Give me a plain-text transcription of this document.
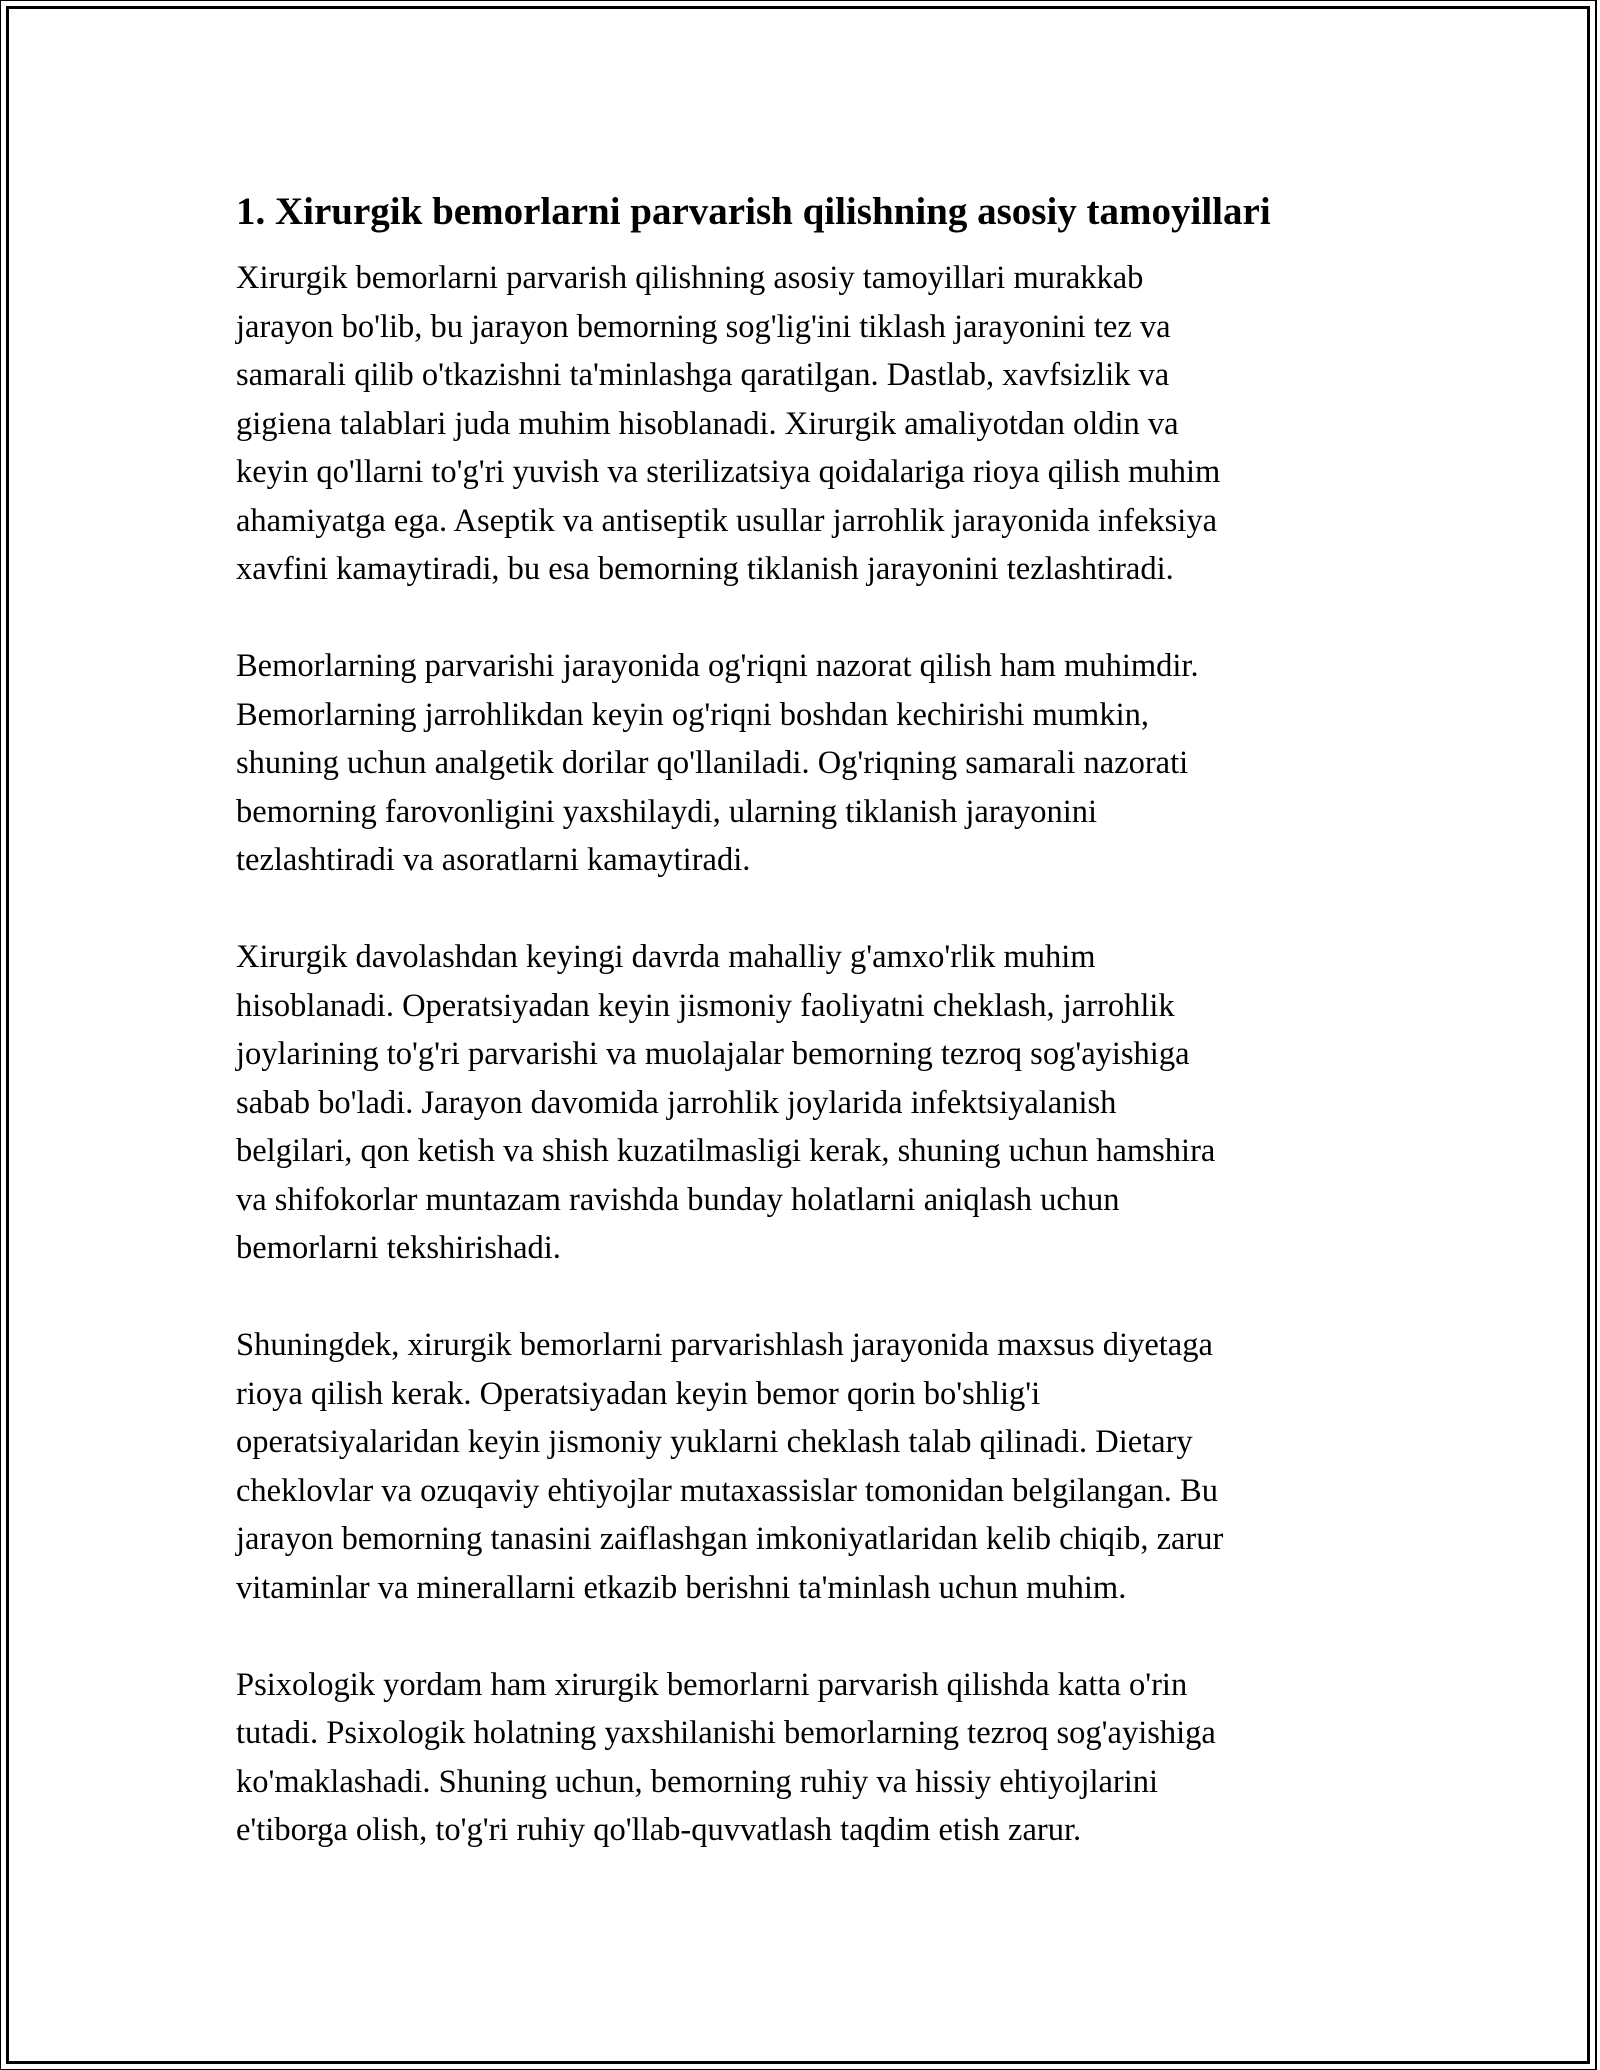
1. Xirurgik bemorlarni parvarish qilishning asosiy tamoyillari

Xirurgik bemorlarni parvarish qilishning asosiy tamoyillari murakkab
jarayon bo'lib, bu jarayon bemorning sog'lig'ini tiklash jarayonini tez va
samarali qilib o'tkazishni ta'minlashga qaratilgan. Dastlab, xavfsizlik va
gigiena talablari juda muhim hisoblanadi. Xirurgik amaliyotdan oldin va
keyin qo'llarni to'g'ri yuvish va sterilizatsiya qoidalariga rioya qilish muhim
ahamiyatga ega. Aseptik va antiseptik usullar jarrohlik jarayonida infeksiya
xavfini kamaytiradi, bu esa bemorning tiklanish jarayonini tezlashtiradi.

Bemorlarning parvarishi jarayonida og'riqni nazorat qilish ham muhimdir.
Bemorlarning jarrohlikdan keyin og'riqni boshdan kechirishi mumkin,
shuning uchun analgetik dorilar qo'llaniladi. Og'riqning samarali nazorati
bemorning farovonligini yaxshilaydi, ularning tiklanish jarayonini
tezlashtiradi va asoratlarni kamaytiradi.

Xirurgik davolashdan keyingi davrda mahalliy g'amxo'rlik muhim
hisoblanadi. Operatsiyadan keyin jismoniy faoliyatni cheklash, jarrohlik
joylarining to'g'ri parvarishi va muolajalar bemorning tezroq sog'ayishiga
sabab bo'ladi. Jarayon davomida jarrohlik joylarida infektsiyalanish
belgilari, qon ketish va shish kuzatilmasligi kerak, shuning uchun hamshira
va shifokorlar muntazam ravishda bunday holatlarni aniqlash uchun
bemorlarni tekshirishadi.

Shuningdek, xirurgik bemorlarni parvarishlash jarayonida maxsus diyetaga
rioya qilish kerak. Operatsiyadan keyin bemor qorin bo'shlig'i
operatsiyalaridan keyin jismoniy yuklarni cheklash talab qilinadi. Dietary
cheklovlar va ozuqaviy ehtiyojlar mutaxassislar tomonidan belgilangan. Bu
jarayon bemorning tanasini zaiflashgan imkoniyatlaridan kelib chiqib, zarur
vitaminlar va minerallarni etkazib berishni ta'minlash uchun muhim.

Psixologik yordam ham xirurgik bemorlarni parvarish qilishda katta o'rin
tutadi. Psixologik holatning yaxshilanishi bemorlarning tezroq sog'ayishiga
ko'maklashadi. Shuning uchun, bemorning ruhiy va hissiy ehtiyojlarini
e'tiborga olish, to'g'ri ruhiy qo'llab-quvvatlash taqdim etish zarur.
